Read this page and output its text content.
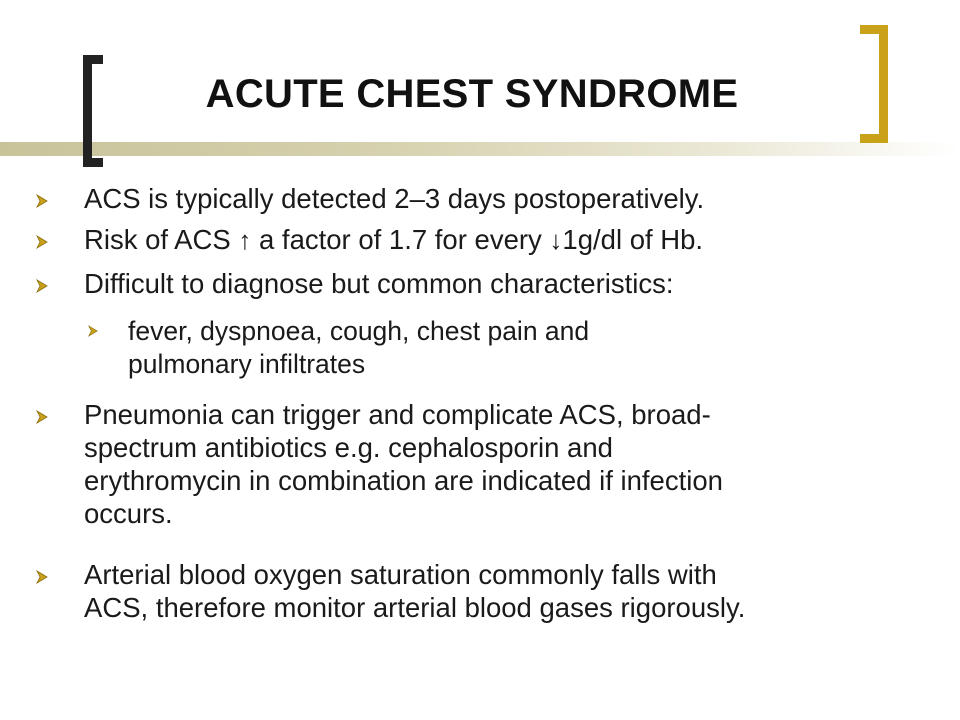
ACUTE CHEST SYNDROME
ACS is typically detected 2–3 days postoperatively.
Risk of ACS ↑ a factor of 1.7 for every ↓1g/dl of Hb.
Difficult to diagnose but common characteristics:
fever, dyspnoea, cough, chest pain and
pulmonary infiltrates
Pneumonia can trigger and complicate ACS, broad-
spectrum antibiotics e.g. cephalosporin and
erythromycin in combination are indicated if infection
occurs.
Arterial blood oxygen saturation commonly falls with
ACS, therefore monitor arterial blood gases rigorously.
